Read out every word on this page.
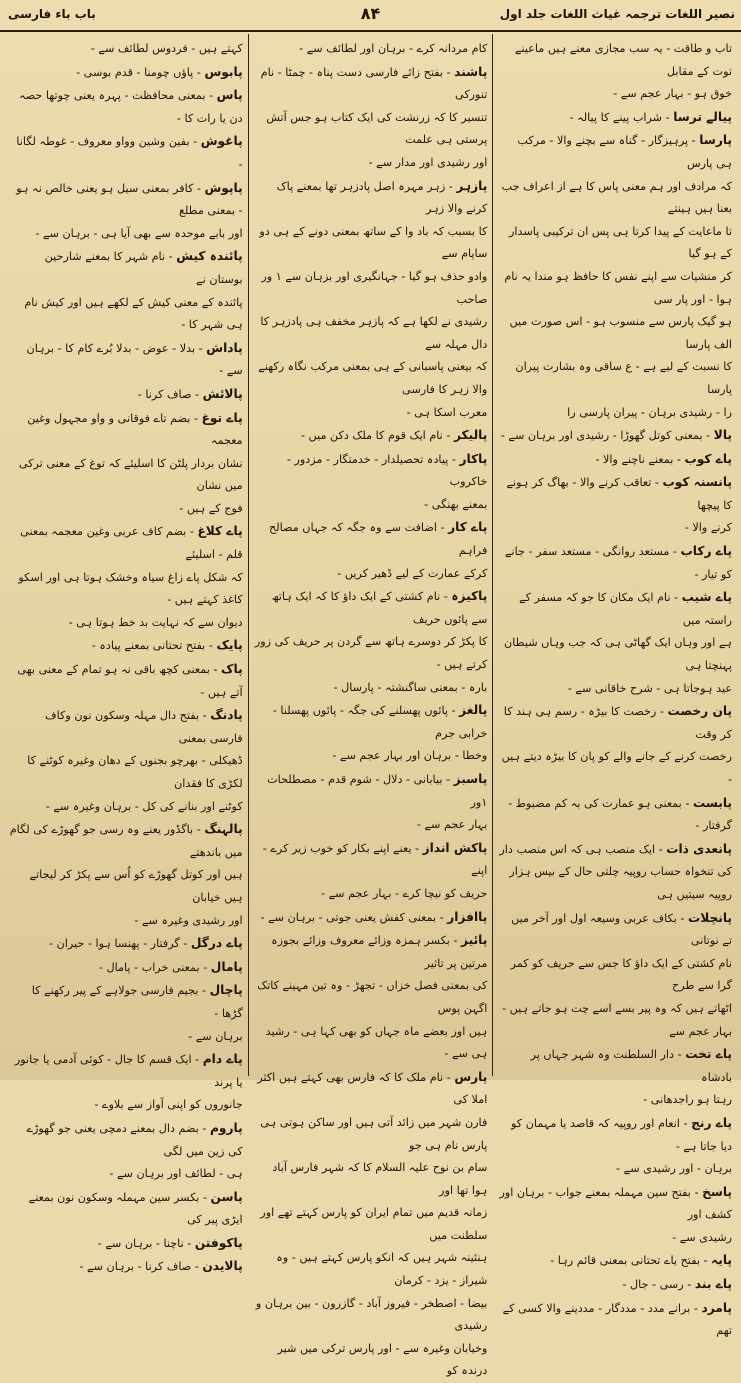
نصیر اللغات ترجمہ غیاث اللغات جلد اول
۸۴
باب باء فارسی

تاب و طاقت - یہ سب مجازی معنے ہیں ماعینے توت کے مقابل

خوق ہو - بہار عجم سے -

پیالے ترسا - شراب پینے کا پیالہ -

پارسا - پرہیزگار - گناہ سے بچنے والا - مرکب ہی پارس

کہ مرادف اور ہم معنی پاس کا ہے از اعراف جب بعنا ہیں ہینتے

تا ماعایت کے پیدا کرتا ہی پس ان ترکیبی پاسدار کے ہو گیا

کر منشیات سے اپنے نفس کا حافظ ہو مندا یہ نام ہوا - اور پار سی

ہو گیک پارس سے منسوب ہو - اس صورت میں الف پارسا

کا نسبت کے لیے ہے - ع ساقی وہ بشارت پیران پارسا

را - رشیدی برہان - پیران پارسی را

پالا - بمعنی کوتل گھوڑا - رشیدی اور برہان سے -

پاے کوب - بمعنے ناچنے والا -

پانسنہ کوب - تعاقب کرنے والا - بھاگ کر ہونے کا پیچھا

کرنے والا -

پاے رکاب - مستعد روانگی - مستعد سفر - جانے کو تیار -

پاے شیب - نام ایک مکان کا جو کہ مسفر کے راستہ میں

ہے اور وہاں ایک گھاٹی ہی کہ جب وہاں شیطان پہنچتا ہی

عید ہوجاتا ہی - شرح خاقانی سے -

پان رخصت - رخصت کا بیڑہ - رسم ہی ہند کا کر وقت

رخصت کرنے کے جانے والے کو پان کا بیڑہ دیتے ہیں -

پابست - بمعنی ہو عمارت کی بہ کم مضبوط - گرفتار -

پانعدی ذات - ایک منصب ہی کہ اس منصب دار

کی تنخواہ حساب روپیہ چلتی حال کے بیس ہزار روپیہ سیتیں ہی

پانچلات - بکاف عربی وسیعہ اول اور آخر میں تے نوتانی

نام کشتی کے ایک داؤ کا جس سے حریف کو کمر گرا سے طرح

اٹھاتے ہیں کہ وہ پیر بسے اسے چت ہو جاتے ہیں - بہار عجم سے

پاے تخت - دار السلطنت وہ شہر جہاں پر بادشاہ

رہتا ہو راجدھانی -

پاے رنج - انعام اور روپیہ کہ قاصد یا مہمان کو دیا جاتا ہے -

برہان - اور رشیدی سے -

پاسخ - بفتح سین مہملہ بمعنے جواب - برہان اور کشف اور

رشیدی سے -

پایہ - بفتح یاے تحتانی بمعنی قائم رہا -

پاے بند - رسی - جال -

پامرد - برانے مدد - مددگار - مددینے والا کسی کے تھم

کام مردانہ کرے - برہان اور لطائف سے -

پاشند - بفتح زائے فارسی دست پناہ - چمٹا - نام تنورکی

تنسیر کا کہ زرنشت کی ایک کتاب ہو جس آتش پرستی ہی علمت

اور رشیدی اور مدار سے -

پازہر - زہر مہرہ اصل پادزہر تھا بمعنے پاک کرنے والا زہر

کا بسبب کہ باد وا کے ساتھ بمعنی دونے کے ہی دو ساپام سے

وادو حذف ہو گیا - جہانگیری اور بزہان سے ۱ ور صاحب

رشیدی نے لکھا ہے کہ پازہر مخفف ہی پادزہر کا دال مہلہ سے

کہ بیعنی پاسبانی کے ہی بمعنی مرکب نگاہ رکھنے والا زہر کا فارسی

معرب اسکا ہی -

پالیکر - نام ایک قوم کا ملک دکن میں -

پاکار - پیادہ تحصیلدار - خدمتگار - مزدور - خاکروب

بمعنے بھنگی -

پاے کار - اضافت سے وہ جگہ کہ جہاں مصالح فراہم

کرکے عمارت کے لیے ڈھیر کریں -

پاکیزہ - نام کشتی کے ایک داؤ کا کہ ایک ہاتھ سے پائوں حریف

کا پکڑ کر دوسرے ہاتھ سے گردن پر حریف کی زور کرتے ہیں -

بارہ - بمعنی ساگنشتہ - پارسال -

پالغز - پائوں پھسلنے کی جگہ - پائوں پھسلنا - خرابی جرم

وخطا - برہان اور بہار عجم سے -

پاسبز - بیابانی - دلال - شوم قدم - مصطلحات ۱ور

بہار عجم سے -

پاکش انداز - یعنے اپنے بکار کو خوب زیر کرے - اپنے

حریف کو نیچا کرے - بہار عجم سے -

پاافزار - بمعنی کفش یعنی جوتی - برہان سے -

پائیز - بکسر ہمزہ وزائے معروف وزائے بجوزہ مرتین پر تاثیر

کی بمعنی فصل خزاں - تجھڑ - وہ تین مہینے کاتک اگہن پوس

ہیں اور بعضے ماہ جہاں کو بھی کہا ہی - رشید ہی سے -

پارس - نام ملک کا کہ فارس بھی کہتے ہیں اکثر املا کی

فارن شہر میں زائد آتی ہیں اور ساکن ہوتی ہی پارس نام ہی جو

سام بن نوح علیہ السلام کا کہ شہر فارس آباد ہوا تھا اور

زمانہ قدیم میں تمام ایران کو پارس کہتے تھے اور سلطنت میں

ہنئینہ شہر ہیں کہ انکو پارس کہتے ہیں - وہ شیراز - یزد - کرمان

بیضا - اصطخر - فیروز آباد - گازرون - بین برہان و رشیدی

وخیابان وغیرہ سے - اور پارس ترکی میں شیر درندہ کو

کہتے ہیں - فردوس لطائف سے -

پابوس - پاؤں چومنا - قدم بوسی -

پاس - بمعنی محافظت - پہرہ یعنی چوتھا حصہ دن یا رات کا -

پاغوش - بفین وشین وواو معروف - غوطہ لگانا -

پاپوش - کافر بمعنی سیل ہو یعنی خالص نہ ہو - بمعنی مطلع

اور بابے موحدہ سے بھی آیا ہی - برہان سے -

پائندہ کیش - نام شہر کا بمعنے شارحین بوستان نے

پائندہ کے معنی کیش کے لکھے ہیں اور کیش نام ہی شہر کا -

پاداش - بدلا - عوض - بدلا بُرے کام کا - برہان سے -

پالائش - صاف کرنا -

پاے توغ - بضم تاے فوقانی و واو مجہول وغین معجمہ

نشان بردار پلٹن کا اسلیئے کہ توغ کے معنی ترکی میں نشان

فوج کے ہیں -

پاے کلاغ - بضم کاف عربی وغین معجمہ بمعنی قلم - اسلیئے

کہ شکل پاے زاغ سیاہ وخشک ہوتا ہی اور اسکو کاغذ کہتے ہیں -

دیوان سے کہ نہایت بد خط ہوتا ہی -

پایک - بفتح تحتانی بمعنے پیادہ -

پاک - بمعنی کچھ باقی نہ ہو تمام کے معنی بھی آتے ہیں -

پادنگ - بفتح دال مہلہ وسکون نون وکاف فارسی بمعنی

ڈھیکلی - بھرچو بجنوں کے دھان وغیرہ کوٹنے کا لکڑی کا فقدان

کوٹنے اور بنانے کی کل - برہان وغیرہ سے -

پالہنگ - باگڈور یعنے وہ رسی جو گھوڑے کی لگام میں باندھتے

ہیں اور کوتل گھوڑے کو اُس سے پکڑ کر لیجاتے ہیں خیابان

اور رشیدی وغیرہ سے -

پاے درگل - گرفتار - پھنسا ہوا - حیران -

پامال - بمعنی خراب - پامال -

پاچال - بجیم فارسی جولاہے کے پیر رکھنے کا گڑھا -

برہان سے -

پاے دام - ایک قسم کا جال - کوئی آدمی یا جانور یا پرند

جانوروں کو اپنی آواز سے بلاوے -

پاروم - بضم دال بمعنے دمچی یعنی جو گھوڑے کی زین میں لگی

ہی - لطائف اور برہان سے -

پاسن - بکسر سین مہملہ وسکون نون بمعنے ایڑی پیر کی

پاکوفتن - ناچنا - برہان سے -

پالایدن - صاف کرنا - برہان سے -
